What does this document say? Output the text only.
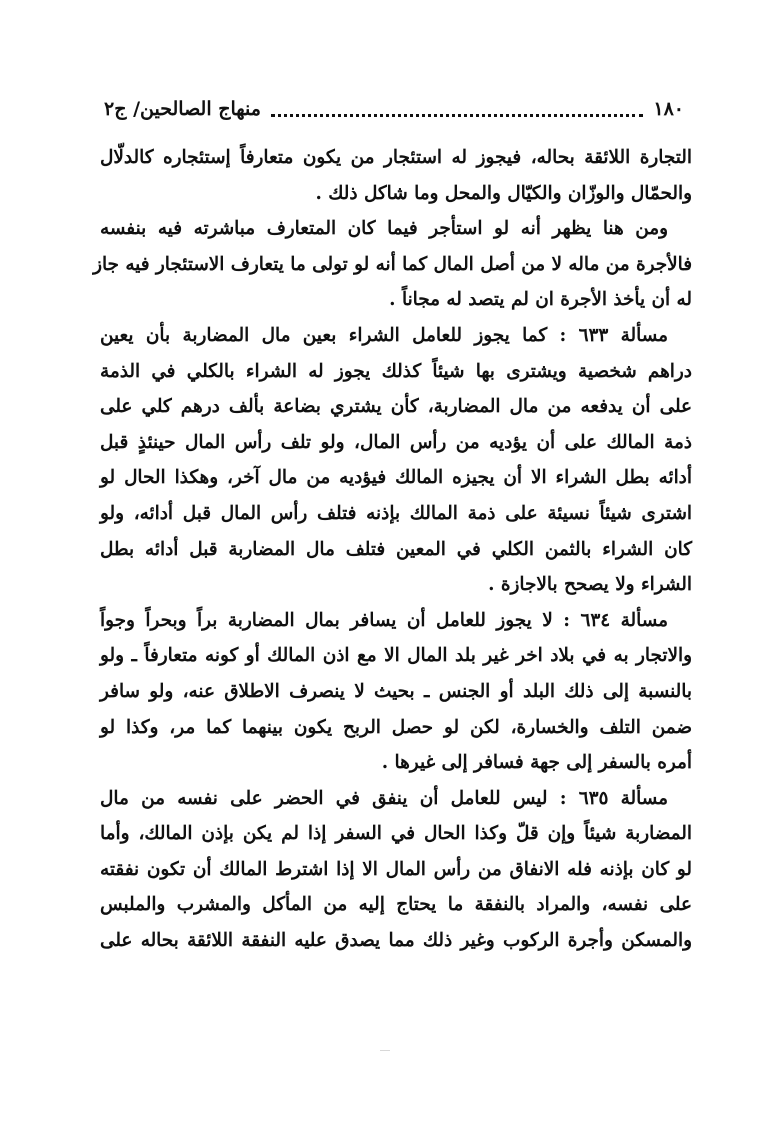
١٨٠
منهاج الصالحين/ ج٢
التجارة اللائقة بحاله، فيجوز له استئجار من يكون متعارفاً إستئجاره كالدلّال
والحمّال والوزّان والكيّال والمحل وما شاكل ذلك .
ومن هنا يظهر أنه لو استأجر فيما كان المتعارف مباشرته فيه بنفسه
فالأجرة من ماله لا من أصل المال كما أنه لو تولى ما يتعارف الاستئجار فيه جاز
له أن يأخذ الأجرة ان لم يتصد له مجاناً .
مسألة ٦٣٣ : كما يجوز للعامل الشراء بعين مال المضاربة بأن يعين
دراهم شخصية ويشترى بها شيئاً كذلك يجوز له الشراء بالكلي في الذمة
على أن يدفعه من مال المضاربة، كأن يشتري بضاعة بألف درهم كلي على
ذمة المالك على أن يؤديه من رأس المال، ولو تلف رأس المال حينئذٍ قبل
أدائه بطل الشراء الا أن يجيزه المالك فيؤديه من مال آخر، وهكذا الحال لو
اشترى شيئاً نسيئة على ذمة المالك بإذنه فتلف رأس المال قبل أدائه، ولو
كان الشراء بالثمن الكلي في المعين فتلف مال المضاربة قبل أدائه بطل
الشراء ولا يصحح بالاجازة .
مسألة ٦٣٤ : لا يجوز للعامل أن يسافر بمال المضاربة براً وبحراً وجواً
والاتجار به في بلاد اخر غير بلد المال الا مع اذن المالك أو كونه متعارفاً ـ ولو
بالنسبة إلى ذلك البلد أو الجنس ـ بحيث لا ينصرف الاطلاق عنه، ولو سافر
ضمن التلف والخسارة، لكن لو حصل الربح يكون بينهما كما مر، وكذا لو
أمره بالسفر إلى جهة فسافر إلى غيرها .
مسألة ٦٣٥ : ليس للعامل أن ينفق في الحضر على نفسه من مال
المضاربة شيئاً وإن قلّ وكذا الحال في السفر إذا لم يكن بإذن المالك، وأما
لو كان بإذنه فله الانفاق من رأس المال الا إذا اشترط المالك أن تكون نفقته
على نفسه، والمراد بالنفقة ما يحتاج إليه من المأكل والمشرب والملبس
والمسكن وأجرة الركوب وغير ذلك مما يصدق عليه النفقة اللائقة بحاله على
